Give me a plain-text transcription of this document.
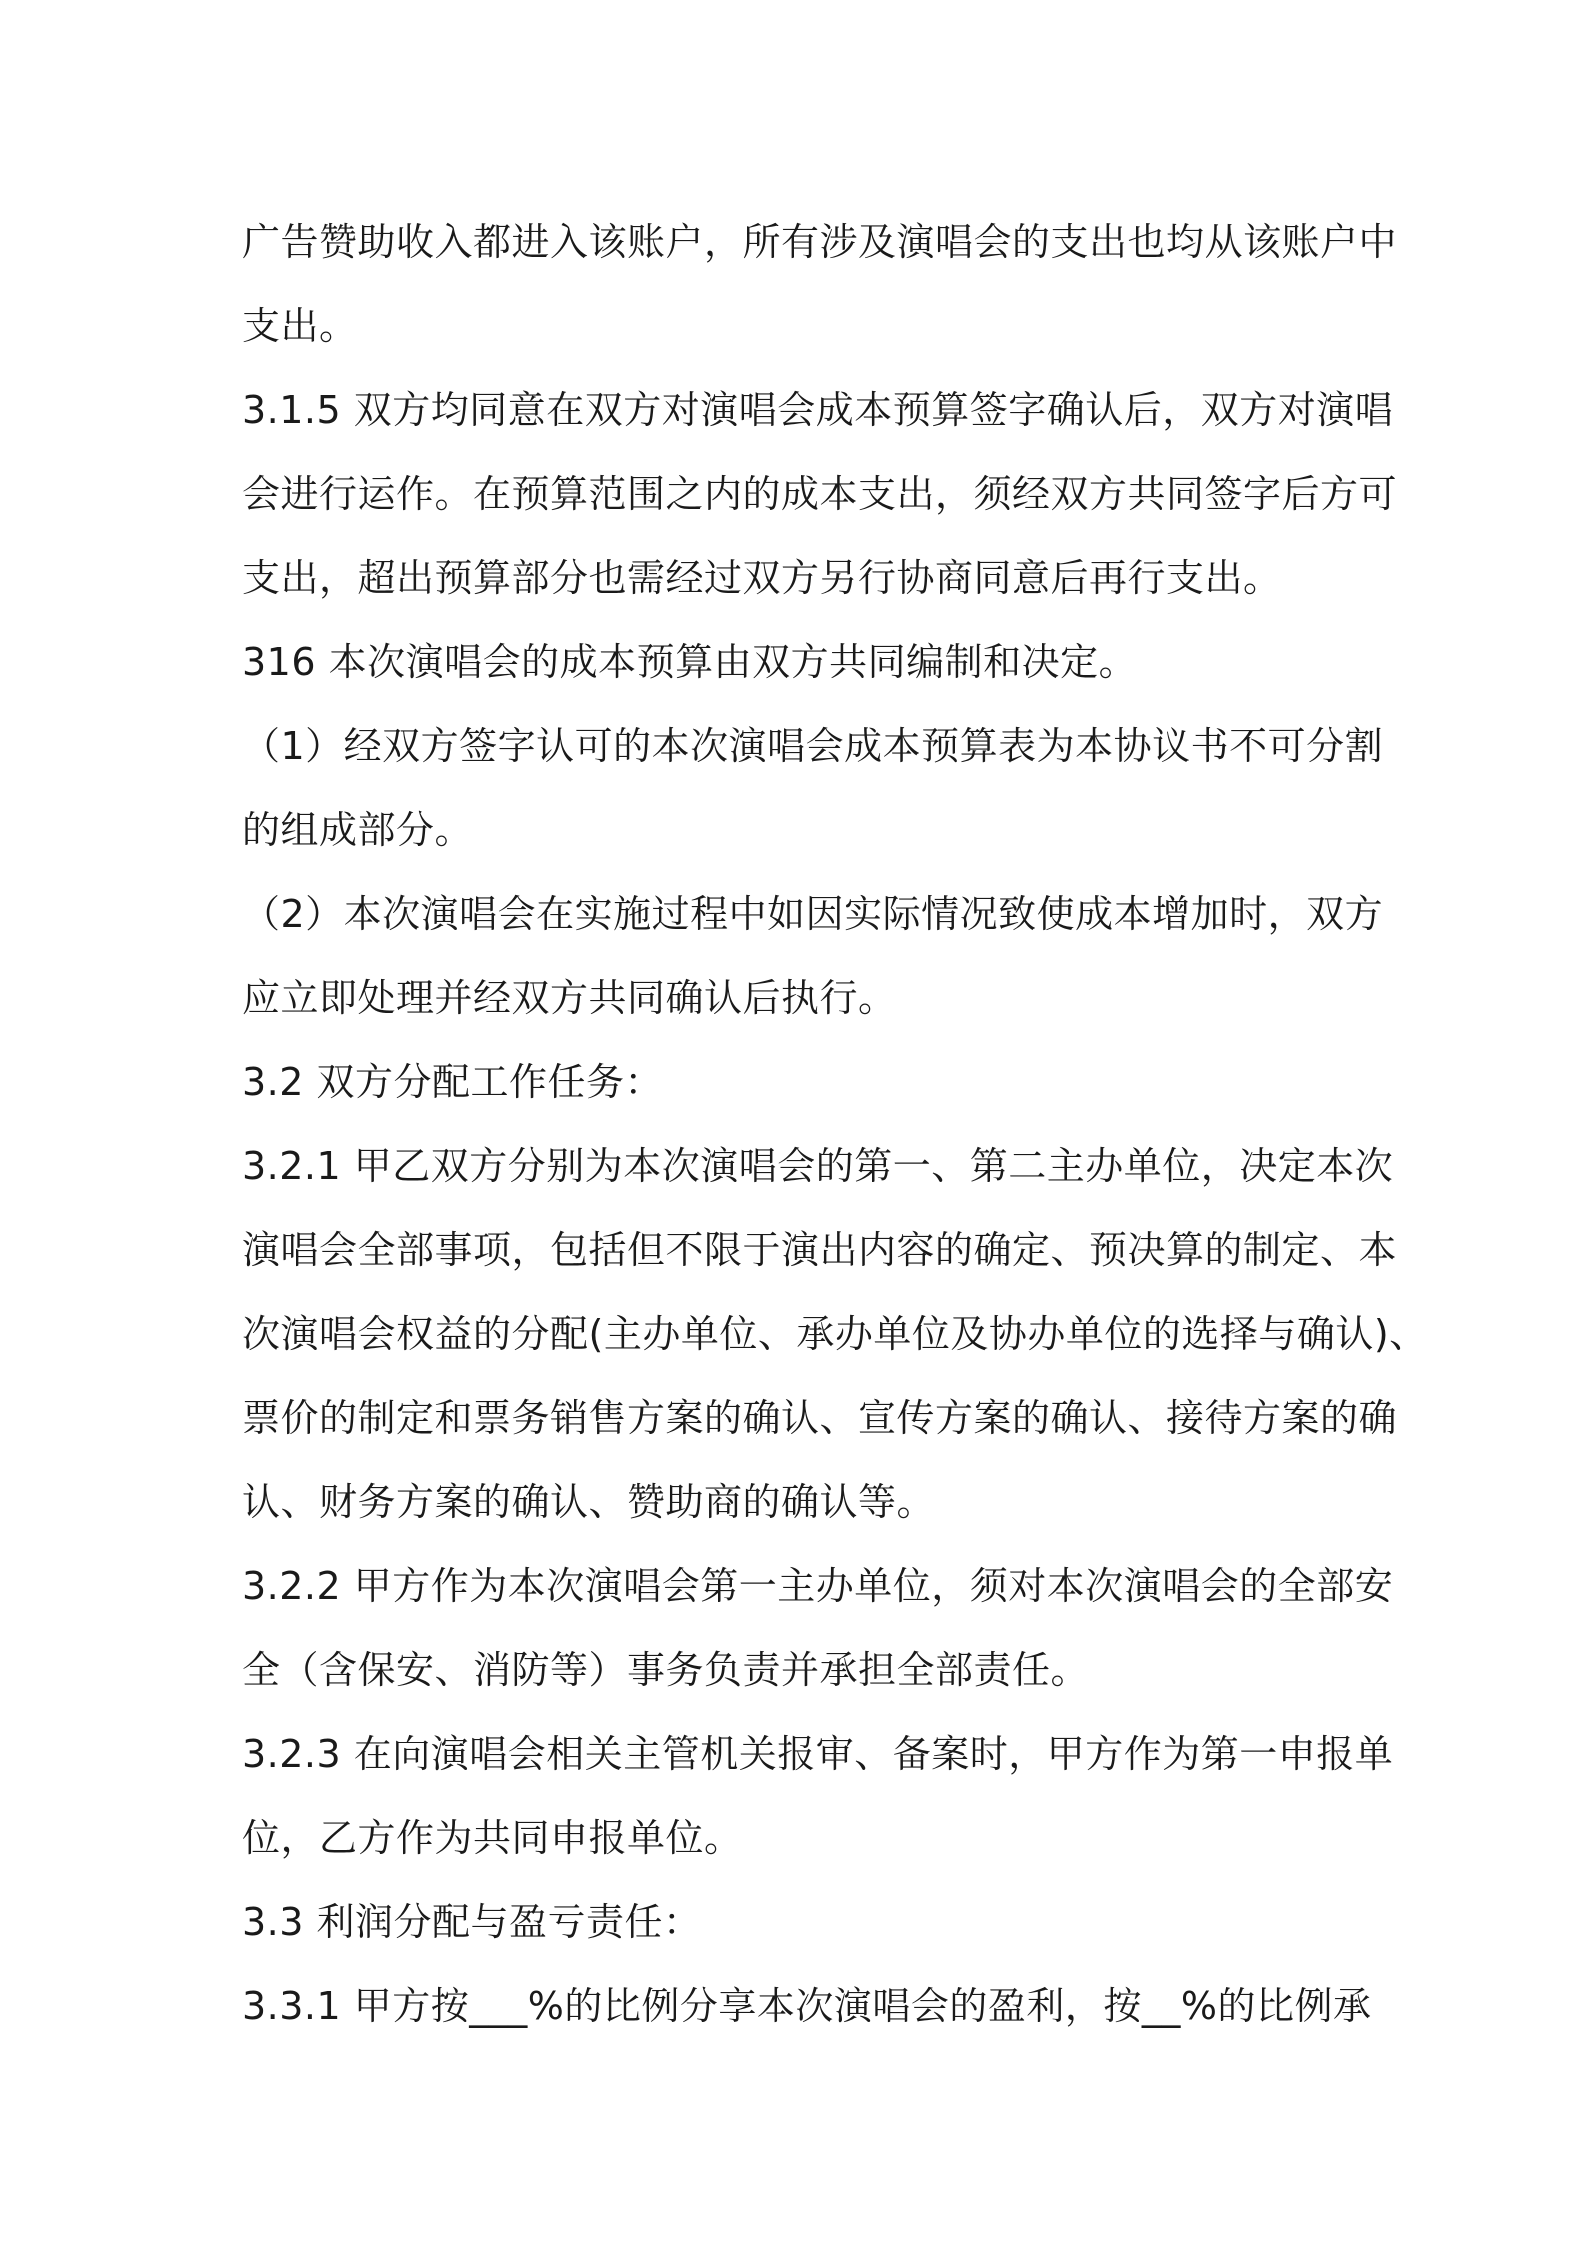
广告赞助收入都进入该账户，所有涉及演唱会的支出也均从该账户中
支出。
3.1.5 双方均同意在双方对演唱会成本预算签字确认后，双方对演唱
会进行运作。在预算范围之内的成本支出，须经双方共同签字后方可
支出，超出预算部分也需经过双方另行协商同意后再行支出。
316 本次演唱会的成本预算由双方共同编制和决定。
（1）经双方签字认可的本次演唱会成本预算表为本协议书不可分割
的组成部分。
（2）本次演唱会在实施过程中如因实际情况致使成本增加时，双方
应立即处理并经双方共同确认后执行。
3.2 双方分配工作任务：
3.2.1 甲乙双方分别为本次演唱会的第一、第二主办单位，决定本次
演唱会全部事项，包括但不限于演出内容的确定、预决算的制定、本
次演唱会权益的分配(主办单位、承办单位及协办单位的选择与确认)、
票价的制定和票务销售方案的确认、宣传方案的确认、接待方案的确
认、财务方案的确认、赞助商的确认等。
3.2.2 甲方作为本次演唱会第一主办单位，须对本次演唱会的全部安
全（含保安、消防等）事务负责并承担全部责任。
3.2.3 在向演唱会相关主管机关报审、备案时，甲方作为第一申报单
位，乙方作为共同申报单位。
3.3 利润分配与盈亏责任：
3.3.1 甲方按___%的比例分享本次演唱会的盈利，按__%的比例承
